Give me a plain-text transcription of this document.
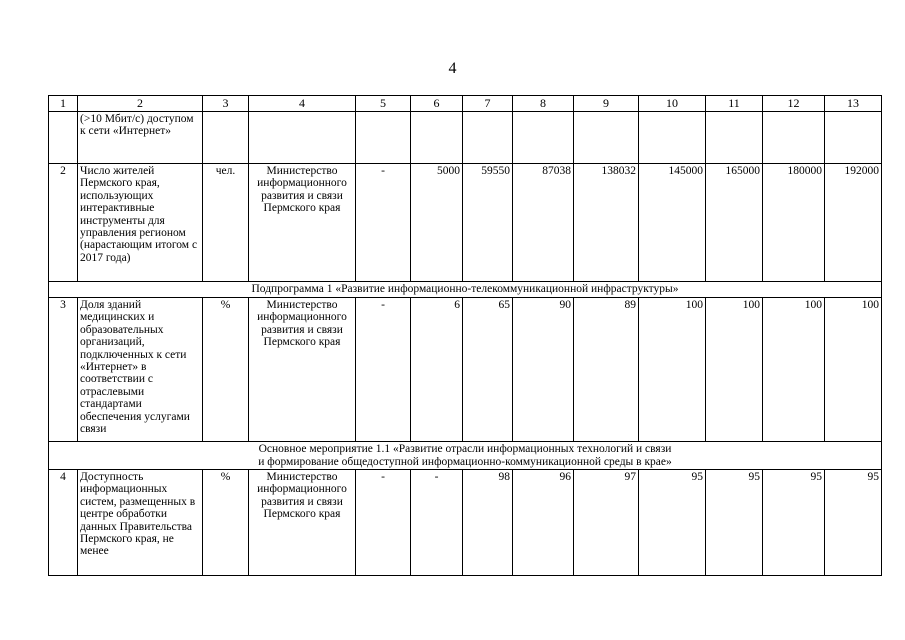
4
1	2	3	4	5	6	7	8	9	10	11	12	13
	(>10 Мбит/с) доступом к сети «Интернет»											
2	Число жителей Пермского края, использующих интерактивные инструменты для управления регионом (нарастающим итогом с 2017 года)	чел.	Министерство информационного развития и связи Пермского края	-	5000	59550	87038	138032	145000	165000	180000	192000
Подпрограмма 1 «Развитие информационно-телекоммуникационной инфраструктуры»												
3	Доля зданий медицинских и образовательных организаций, подключенных к сети «Интернет» в соответствии с отраслевыми стандартами обеспечения услугами связи	%	Министерство информационного развития и связи Пермского края	-	6	65	90	89	100	100	100	100
Основное мероприятие 1.1 «Развитие отрасли информационных технологий и связи
и формирование общедоступной информационно-коммуникационной среды в крае»												
4	Доступность информационных систем, размещенных в центре обработки данных Правительства Пермского края, не менее	%	Министерство информационного развития и связи Пермского края	-	-	98	96	97	95	95	95	95
